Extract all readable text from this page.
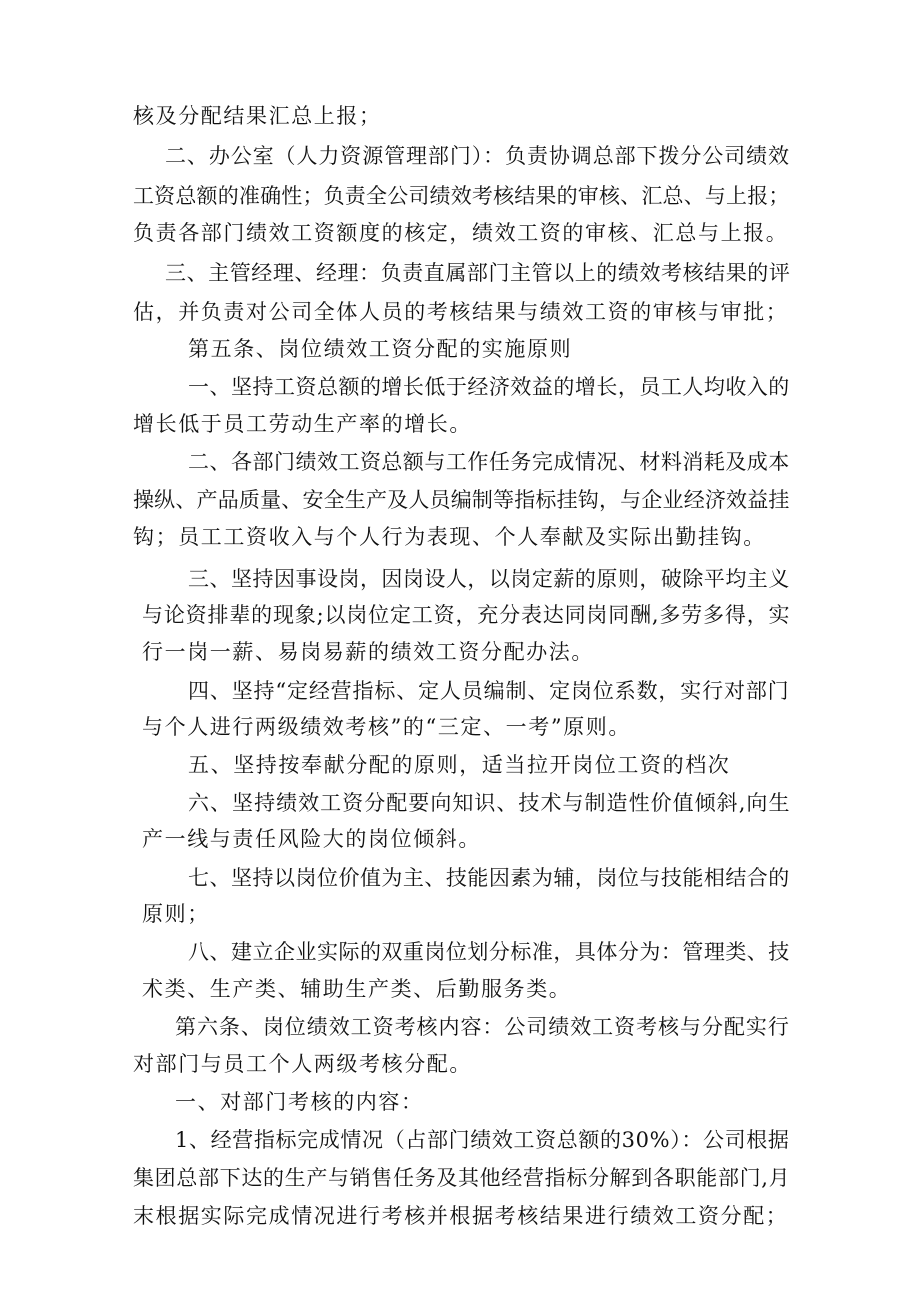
核及分配结果汇总上报；
二、办公室（人力资源管理部门）：负责协调总部下拨分公司绩效
工资总额的准确性；负责全公司绩效考核结果的审核、汇总、与上报；
负责各部门绩效工资额度的核定，绩效工资的审核、汇总与上报。
三、主管经理、经理：负责直属部门主管以上的绩效考核结果的评
估，并负责对公司全体人员的考核结果与绩效工资的审核与审批；
第五条、岗位绩效工资分配的实施原则
一、坚持工资总额的增长低于经济效益的增长，员工人均收入的
增长低于员工劳动生产率的增长。
二、各部门绩效工资总额与工作任务完成情况、材料消耗及成本
操纵、产品质量、安全生产及人员编制等指标挂钩，与企业经济效益挂
钩；员工工资收入与个人行为表现、个人奉献及实际出勤挂钩。
三、坚持因事设岗，因岗设人，以岗定薪的原则，破除平均主义
与论资排辈的现象;以岗位定工资，充分表达同岗同酬,多劳多得，实
行一岗一薪、易岗易薪的绩效工资分配办法。
四、坚持“定经营指标、定人员编制、定岗位系数，实行对部门
与个人进行两级绩效考核”的“三定、一考”原则。
五、坚持按奉献分配的原则，适当拉开岗位工资的档次
六、坚持绩效工资分配要向知识、技术与制造性价值倾斜,向生
产一线与责任风险大的岗位倾斜。
七、坚持以岗位价值为主、技能因素为辅，岗位与技能相结合的
原则；
八、建立企业实际的双重岗位划分标准，具体分为：管理类、技
术类、生产类、辅助生产类、后勤服务类。
第六条、岗位绩效工资考核内容：公司绩效工资考核与分配实行
对部门与员工个人两级考核分配。
一、对部门考核的内容：
1、经营指标完成情况（占部门绩效工资总额的30%）：公司根据
集团总部下达的生产与销售任务及其他经营指标分解到各职能部门,月
末根据实际完成情况进行考核并根据考核结果进行绩效工资分配；
